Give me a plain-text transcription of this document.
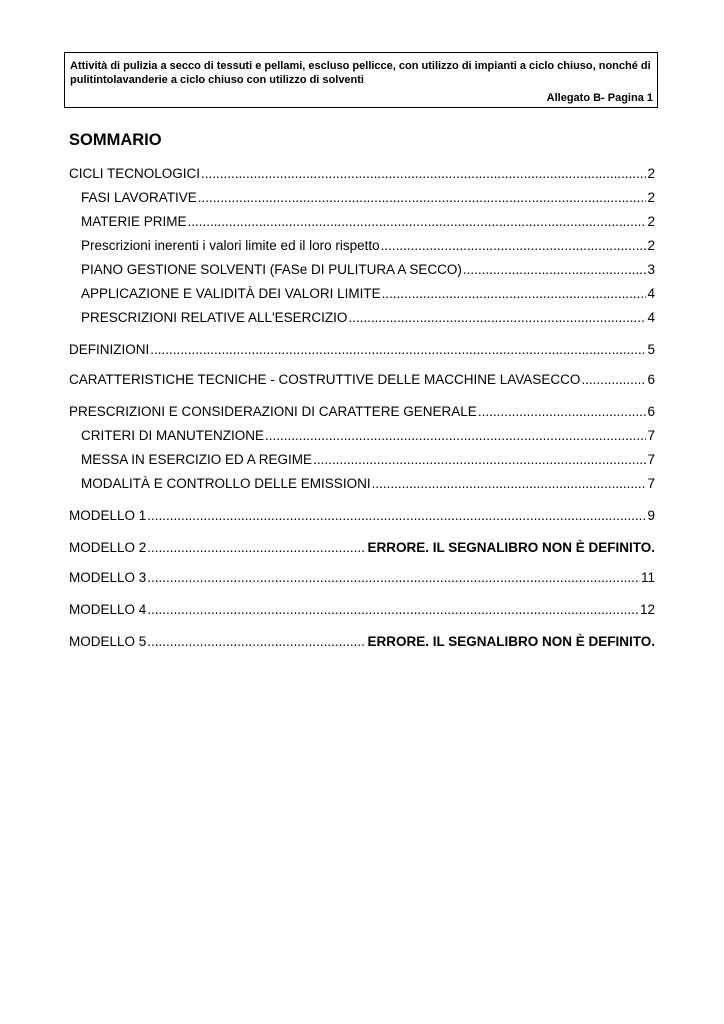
Attività di pulizia a secco di tessuti e pellami, escluso pellicce, con utilizzo di impianti a ciclo chiuso, nonché di pulitintolavanderie a ciclo chiuso con utilizzo di solventi
Allegato B- Pagina 1
SOMMARIO
CICLI TECNOLOGICI .....	2
FASI LAVORATIVE .....	2
MATERIE PRIME .....	2
Prescrizioni inerenti i valori limite ed il loro rispetto .....	2
PIANO GESTIONE SOLVENTI (FASe DI PULITURA A SECCO) .....	3
APPLICAZIONE E VALIDITÀ DEI VALORI LIMITE .....	4
PRESCRIZIONI RELATIVE ALL'ESERCIZIO .....	4
DEFINIZIONI .....	5
CARATTERISTICHE TECNICHE - COSTRUTTIVE DELLE MACCHINE LAVASECCO .....	6
PRESCRIZIONI E CONSIDERAZIONI DI CARATTERE GENERALE .....	6
CRITERI DI MANUTENZIONE .....	7
MESSA IN ESERCIZIO ED A REGIME .....	7
MODALITÀ E CONTROLLO DELLE EMISSIONI .....	7
MODELLO 1 .....	9
MODELLO 2 .....	ERRORE. IL SEGNALIBRO NON È DEFINITO.
MODELLO 3 .....	11
MODELLO 4 .....	12
MODELLO 5 .....	ERRORE. IL SEGNALIBRO NON È DEFINITO.
